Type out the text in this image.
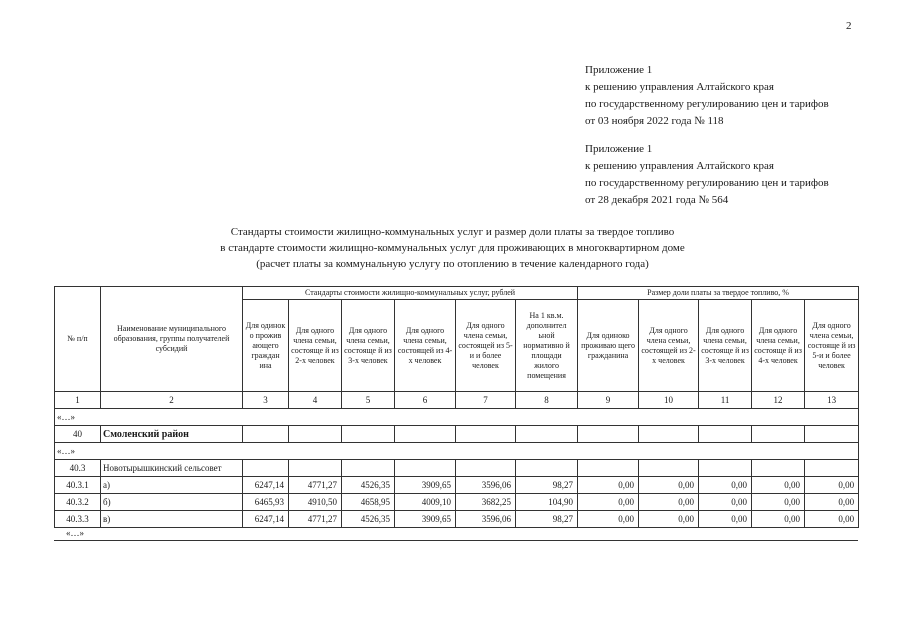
2
Приложение 1
к решению управления Алтайского края
по государственному регулированию цен и тарифов
от 03 ноября 2022 года № 118
Приложение 1
к решению управления Алтайского края
по государственному регулированию цен и тарифов
от 28 декабря 2021 года № 564
Стандарты стоимости жилищно-коммунальных услуг и размер доли платы за твердое топливо
в стандарте стоимости жилищно-коммунальных услуг для проживающих в многоквартирном доме
(расчет платы за коммунальную услугу по отоплению в течение календарного года)
№ п/п	Наименование муниципального образования, группы получателей субсидий	Стандарты стоимости жилищно-коммунальных услуг, рублей						Размер доли платы за твердое топливо, %				
		Для одинок о прожив ающего граждан ина	Для одного члена семьи, состояще й из 2-х человек	Для одного члена семьи, состояще й из 3-х человек	Для одного члена семьи, состоящей из 4-х человек	Для одного члена семьи, состоящей из 5-и и более человек	На 1 кв.м. дополнител ьной нормативно й площади жилого помещения	Для одиноко проживаю щего гражданина	Для одного члена семьи, состоящей из 2-х человек	Для одного члена семьи, состояще й из 3-х человек	Для одного члена семьи, состояще й из 4-х человек	Для одного члена семьи, состояще й из 5-и и более человек
1	2	3	4	5	6	7	8	9	10	11	12	13
«…»												
40	Смоленский район											
«…»												
40.3	Новотырышкинский сельсовет											
40.3.1	а)	6247,14	4771,27	4526,35	3909,65	3596,06	98,27	0,00	0,00	0,00	0,00	0,00
40.3.2	б)	6465,93	4910,50	4658,95	4009,10	3682,25	104,90	0,00	0,00	0,00	0,00	0,00
40.3.3	в)	6247,14	4771,27	4526,35	3909,65	3596,06	98,27	0,00	0,00	0,00	0,00	0,00
«…»
